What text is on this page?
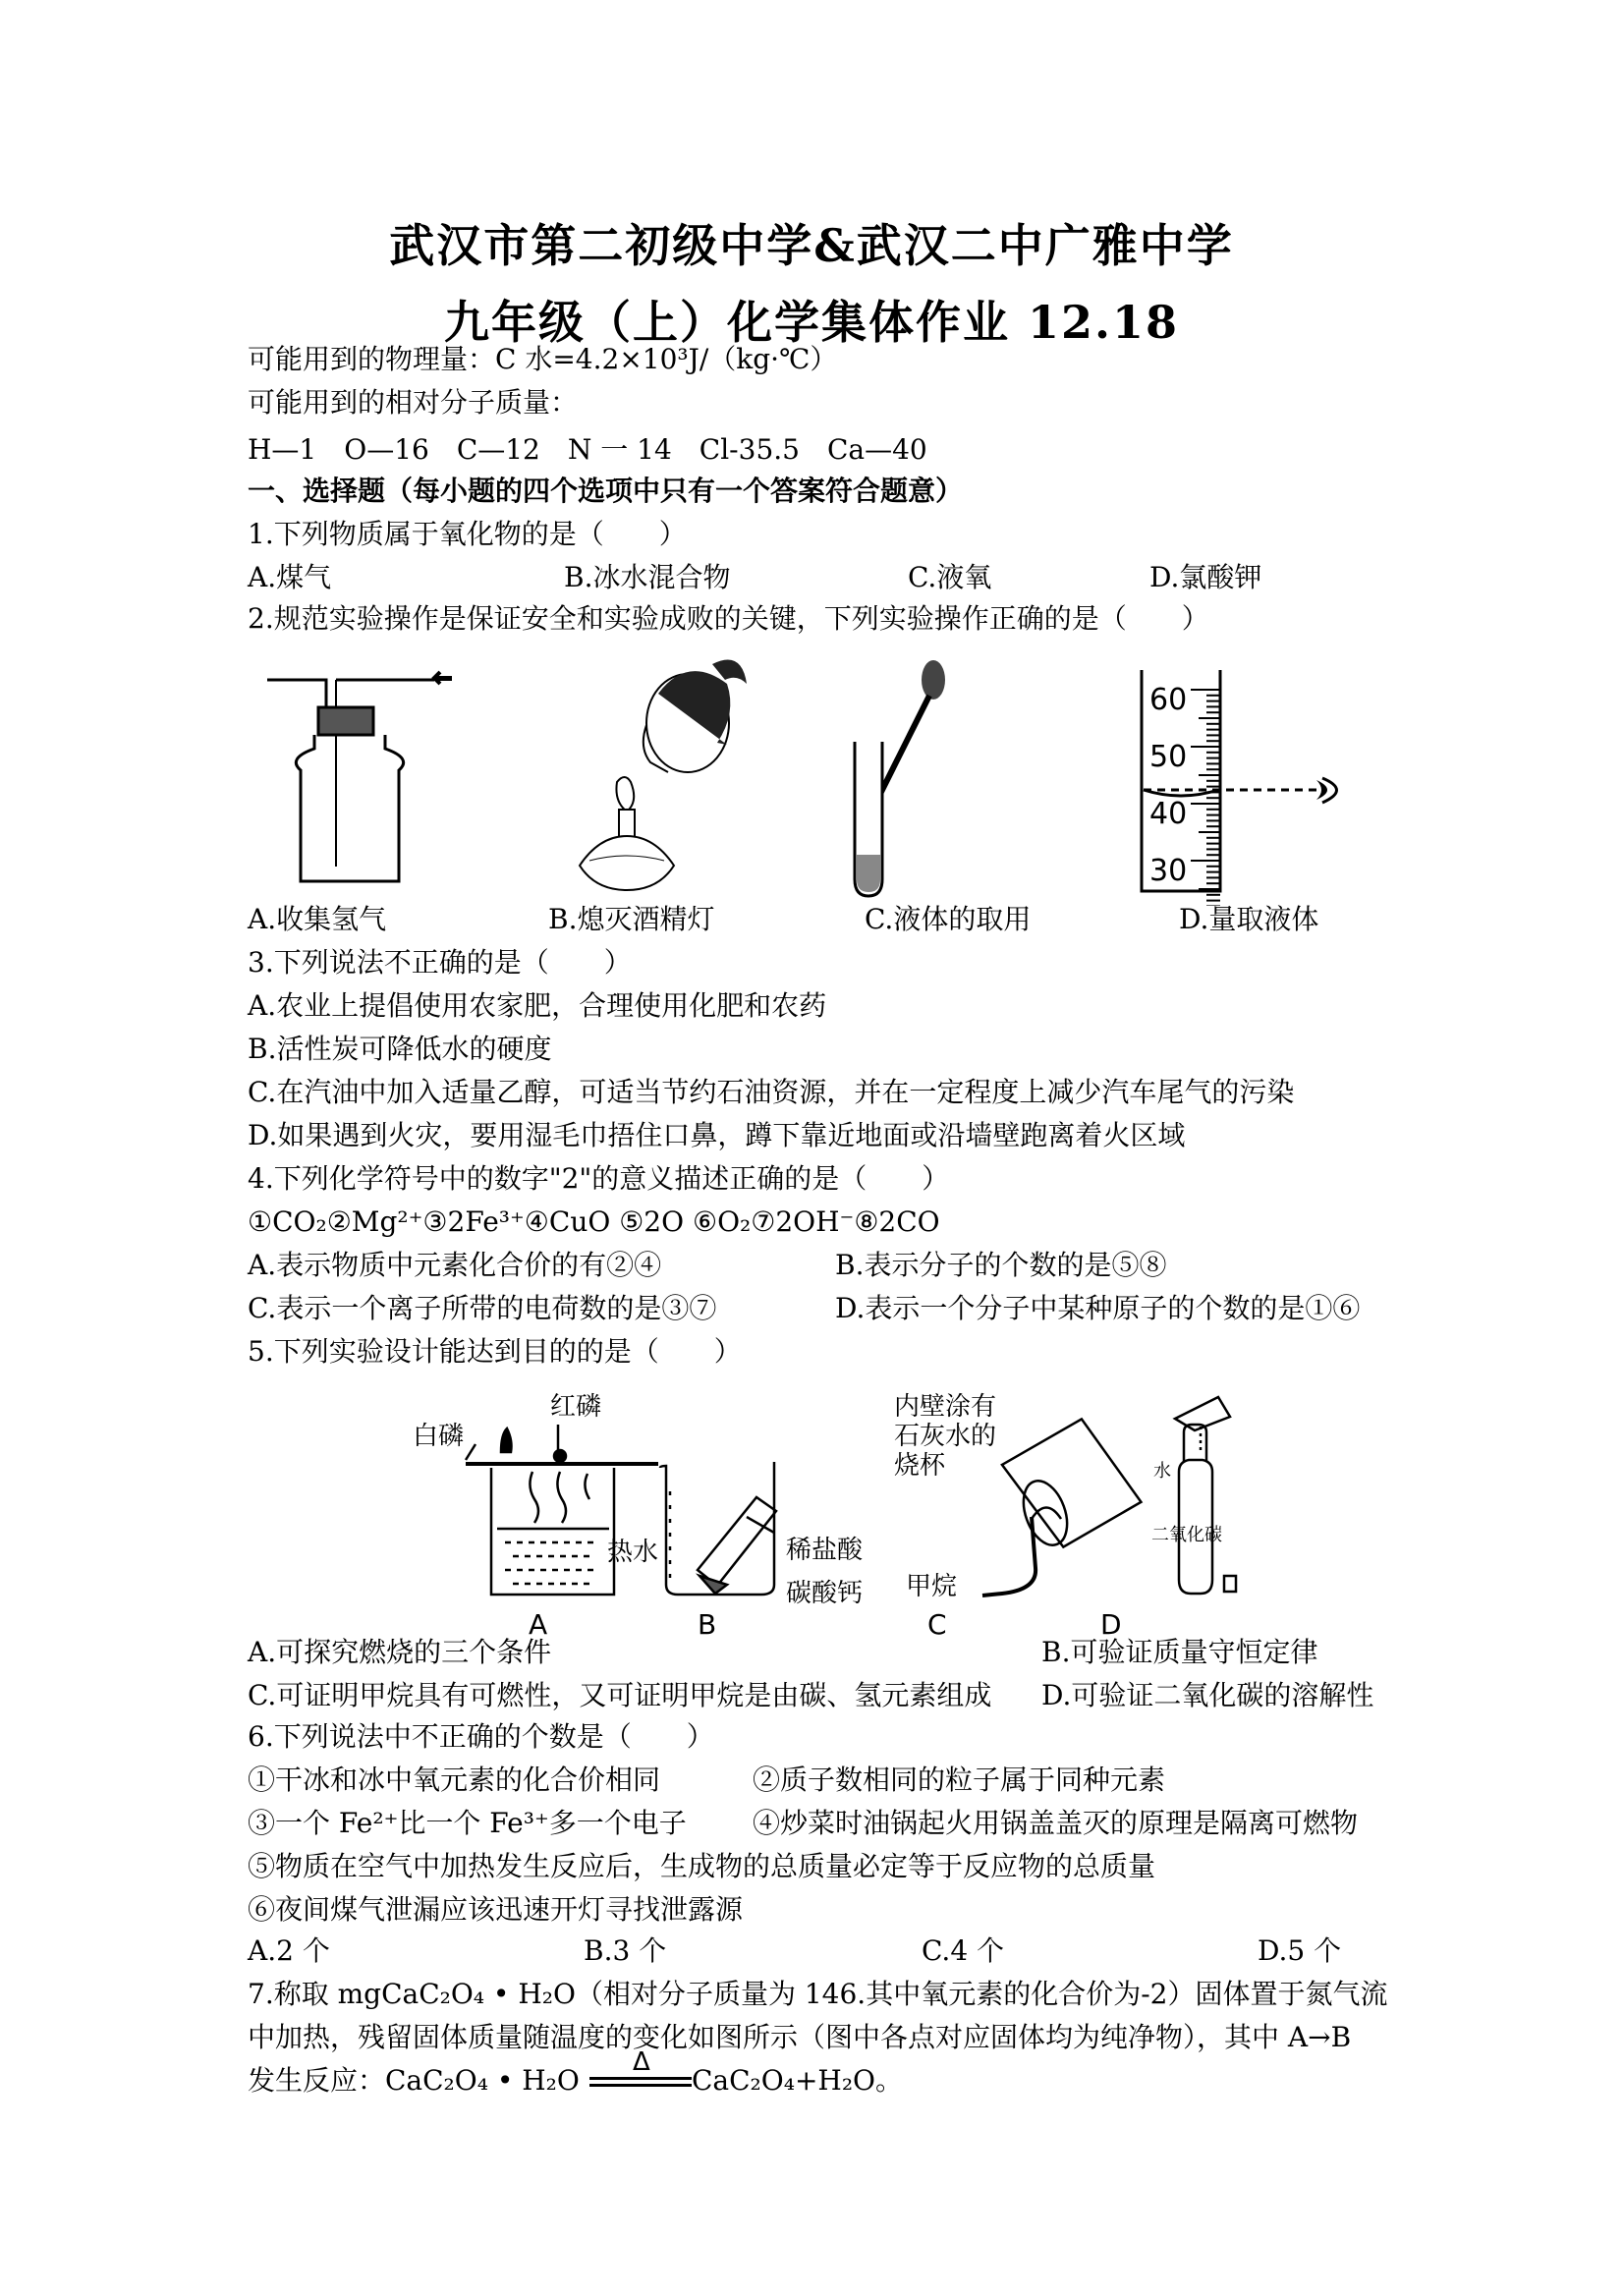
武汉市第二初级中学&武汉二中广雅中学
九年级（上）化学集体作业 12.18
可能用到的物理量：C 水=4.2×10³J/（kg·℃）
可能用到的相对分子质量：
H—1　O—16　C—12　N 一 14　Cl-35.5　Ca—40
一、选择题（每小题的四个选项中只有一个答案符合题意）
1.下列物质属于氧化物的是（　　）
A.煤气	B.冰水混合物	C.液氧	D.氯酸钾
2.规范实验操作是保证安全和实验成败的关键，下列实验操作正确的是（　　）
60
50
40
30
A.收集氢气	B.熄灭酒精灯	C.液体的取用	D.量取液体
3.下列说法不正确的是（　　）
A.农业上提倡使用农家肥，合理使用化肥和农药
B.活性炭可降低水的硬度
C.在汽油中加入适量乙醇，可适当节约石油资源，并在一定程度上减少汽车尾气的污染
D.如果遇到火灾，要用湿毛巾捂住口鼻，蹲下靠近地面或沿墙壁跑离着火区域
4.下列化学符号中的数字"2"的意义描述正确的是（　　）
①CO₂②Mg²⁺③2Fe³⁺④CuO ⑤2O ⑥O₂⑦2OH⁻⑧2CO
A.表示物质中元素化合价的有②④	B.表示分子的个数的是⑤⑧
C.表示一个离子所带的电荷数的是③⑦	D.表示一个分子中某种原子的个数的是①⑥
5.下列实验设计能达到目的的是（　　）
白磷
红磷
热水	稀盐酸
碳酸钙
内壁涂有
石灰水的
烧杯
甲烷
水
二氧化碳
A	B	C	D
A.可探究燃烧的三个条件	B.可验证质量守恒定律
C.可证明甲烷具有可燃性，又可证明甲烷是由碳、氢元素组成 D.可验证二氧化碳的溶解性
6.下列说法中不正确的个数是（　　）
①干冰和冰中氧元素的化合价相同	②质子数相同的粒子属于同种元素
③一个 Fe²⁺比一个 Fe³⁺多一个电子 ④炒菜时油锅起火用锅盖盖灭的原理是隔离可燃物
⑤物质在空气中加热发生反应后，生成物的总质量必定等于反应物的总质量
⑥夜间煤气泄漏应该迅速开灯寻找泄露源
A.2 个	B.3 个	C.4 个	D.5 个
7.称取 mgCaC₂O₄ • H₂O（相对分子质量为 146.其中氧元素的化合价为-2）固体置于氮气流
中加热，残留固体质量随温度的变化如图所示（图中各点对应固体均为纯净物），其中 A→B
发生反应：CaC₂O₄ • H₂O
Δ
CaC₂O₄+H₂O。
